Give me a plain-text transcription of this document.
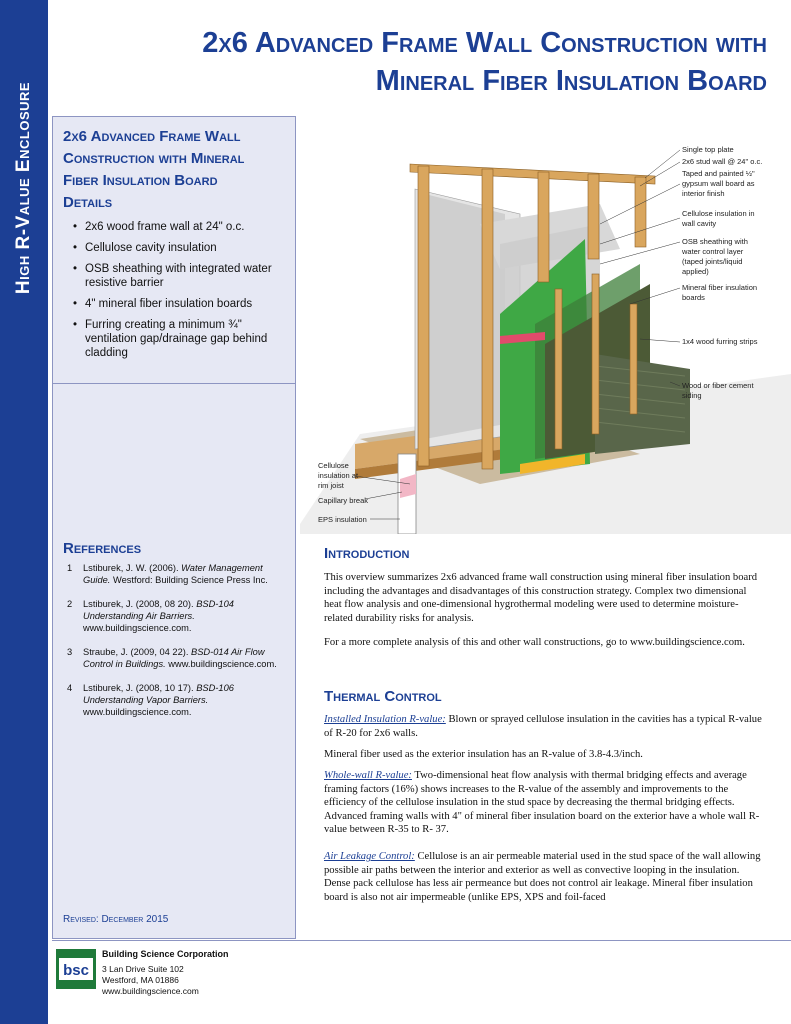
High R-Value Enclosure
2x6 Advanced Frame Wall Construction with
Mineral Fiber Insulation Board
2x6 Advanced Frame Wall
Construction with Mineral
Fiber Insulation Board
Details
• 2x6 wood frame wall at 24" o.c.
• Cellulose cavity insulation
• OSB sheathing with integrated water resistive barrier
• 4" mineral fiber insulation boards
• Furring creating a minimum ¾" ventilation gap/drainage gap behind cladding
References
1 Lstiburek, J. W. (2006). Water Management Guide. Westford: Building Science Press Inc.
2 Lstiburek, J. (2008, 08 20). BSD-104 Understanding Air Barriers. www.buildingscience.com.
3 Straube, J. (2009, 04 22). BSD-014 Air Flow Control in Buildings. www.buildingscience.com.
4 Lstiburek, J. (2008, 10 17). BSD-106 Understanding Vapor Barriers. www.buildingscience.com.
Revised: December 2015
bsc
Building Science Corporation
3 Lan Drive Suite 102
Westford, MA 01886
www.buildingscience.com
Single top plate
2x6 stud wall @ 24" o.c.
Taped and painted ½"
gypsum wall board as
interior finish
Cellulose insulation in
wall cavity
OSB sheathing with
water control layer
(taped joints/liquid
applied)
Mineral fiber insulation
boards
1x4 wood furring strips
Wood or fiber cement
siding
Cellulose
insulation at
rim joist
Capillary break
EPS insulation
Introduction

This overview summarizes 2x6 advanced frame wall construction using mineral fiber insulation board including the advantages and disadvantages of this construction strategy. Complex two dimensional heat flow analysis and one-dimensional hygrothermal modeling were used to determine moisture-related durability risks for analysis.

For a more complete analysis of this and other wall constructions, go to www.buildingscience.com.

Thermal Control

Installed Insulation R-value: Blown or sprayed cellulose insulation in the cavities has a typical R-value of R-20 for 2x6 walls.

Mineral fiber used as the exterior insulation has an R-value of 3.8-4.3/inch.

Whole-wall R-value: Two-dimensional heat flow analysis with thermal bridging effects and average framing factors (16%) shows increases to the R-value of the assembly and improvements to the efficiency of the cellulose insulation in the stud space by decreasing the thermal bridging effects. Advanced framing walls with 4" of mineral fiber insulation board on the exterior have a whole wall R-value between R-35 to R- 37.

Air Leakage Control: Cellulose is an air permeable material used in the stud space of the wall allowing possible air paths between the interior and exterior as well as convective looping in the insulation. Dense pack cellulose has less air permeance but does not control air leakage. Mineral fiber insulation board is also not air impermeable (unlike EPS, XPS and foil-faced
